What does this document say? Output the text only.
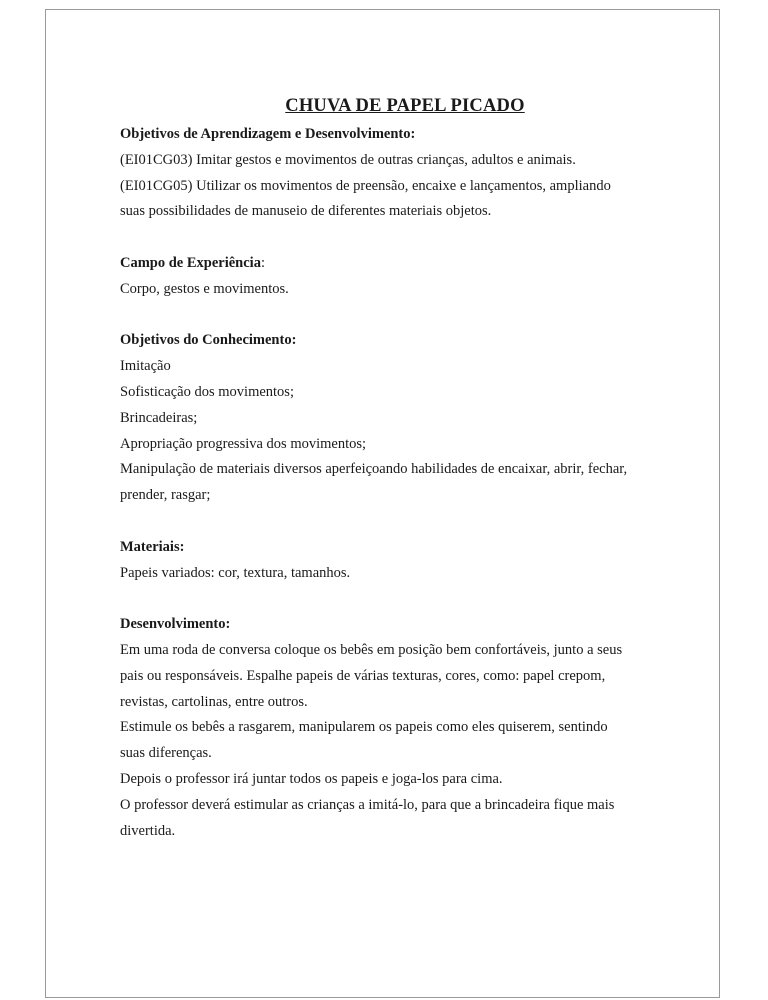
CHUVA DE PAPEL PICADO

Objetivos de Aprendizagem e Desenvolvimento:

(EI01CG03) Imitar gestos e movimentos de outras crianças, adultos e animais.

(EI01CG05) Utilizar os movimentos de preensão, encaixe e lançamentos, ampliando

suas possibilidades de manuseio de diferentes materiais objetos.

Campo de Experiência:

Corpo, gestos e movimentos.

Objetivos do Conhecimento:

Imitação

Sofisticação dos movimentos;

Brincadeiras;

Apropriação progressiva dos movimentos;

Manipulação de materiais diversos aperfeiçoando habilidades de encaixar, abrir, fechar,

prender, rasgar;

Materiais:

Papeis variados: cor, textura, tamanhos.

Desenvolvimento:

Em uma roda de conversa coloque os bebês em posição bem confortáveis, junto a seus

pais ou responsáveis. Espalhe papeis de várias texturas, cores, como: papel crepom,

revistas, cartolinas, entre outros.

Estimule os bebês a rasgarem, manipularem os papeis como eles quiserem, sentindo

suas diferenças.

Depois o professor irá juntar todos os papeis e joga-los para cima.

O professor deverá estimular as crianças a imitá-lo, para que a brincadeira fique mais

divertida.
